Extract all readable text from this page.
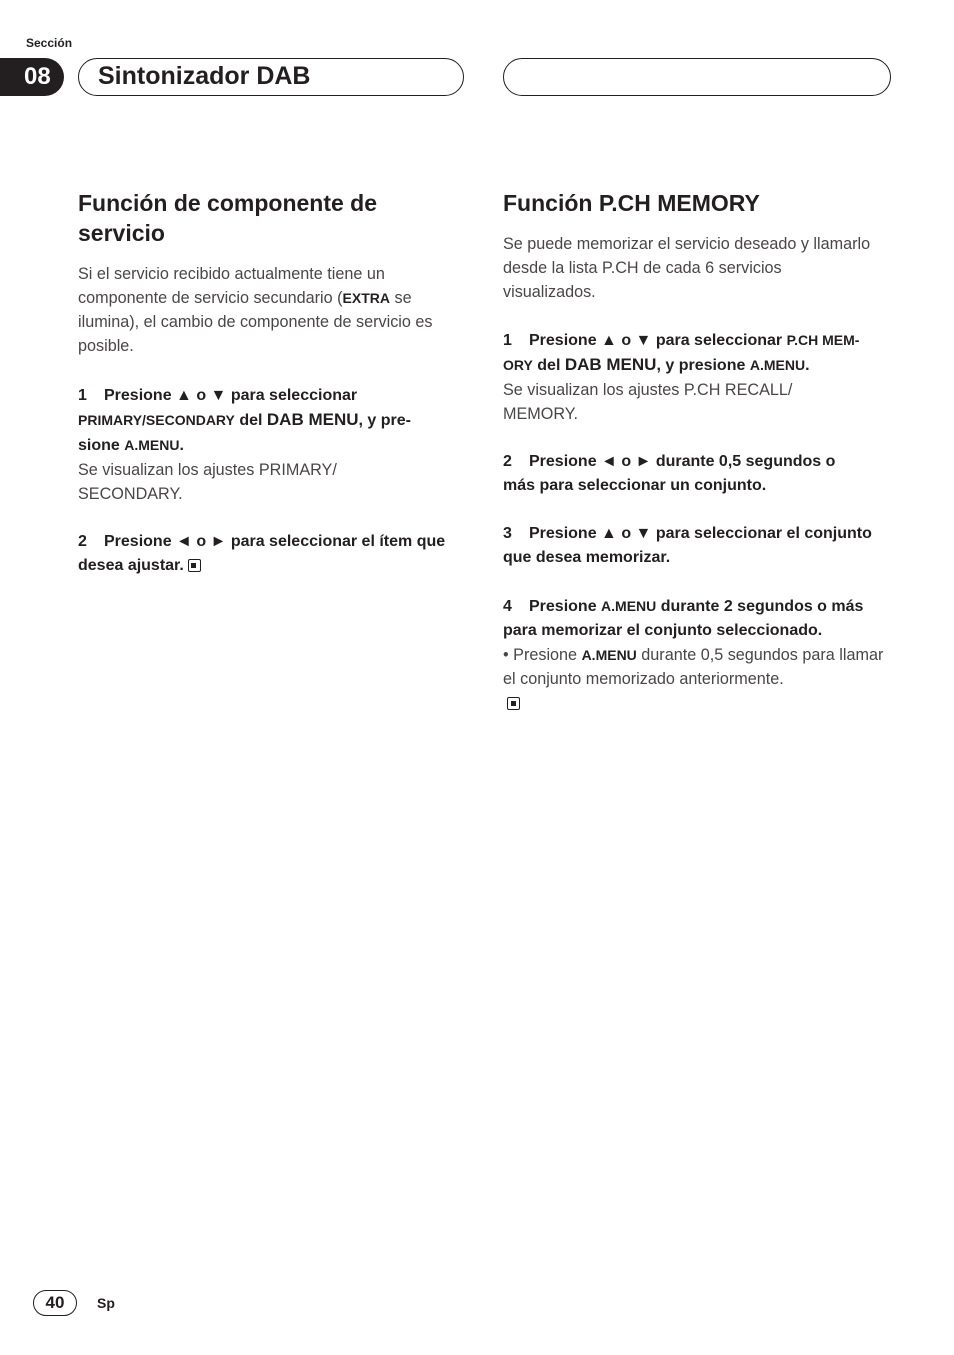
Sección
08	Sintonizador DAB
Función de componente de
servicio

Si el servicio recibido actualmente tiene un componente de servicio secundario (EXTRA se ilumina), el cambio de componente de servicio es posible.

1 Presione ▲ o ▼ para seleccionar
PRIMARY/SECONDARY del DAB MENU, y pre-
sione A.MENU.

Se visualizan los ajustes PRIMARY/ SECONDARY.

2 Presione ◄ o ► para seleccionar el ítem que desea ajustar.
Función P.CH MEMORY

Se puede memorizar el servicio deseado y llamarlo desde la lista P.CH de cada 6 servicios visualizados.

1 Presione ▲ o ▼ para seleccionar P.CH MEM-
ORY del DAB MENU, y presione A.MENU.

Se visualizan los ajustes P.CH RECALL/ MEMORY.

2 Presione ◄ o ► durante 0,5 segundos o más para seleccionar un conjunto.
3 Presione ▲ o ▼ para seleccionar el conjunto que desea memorizar.
4 Presione A.MENU durante 2 segundos o más para memorizar el conjunto seleccionado.

• Presione A.MENU durante 0,5 segundos para llamar el conjunto memorizado anteriormente.

40	Sp
